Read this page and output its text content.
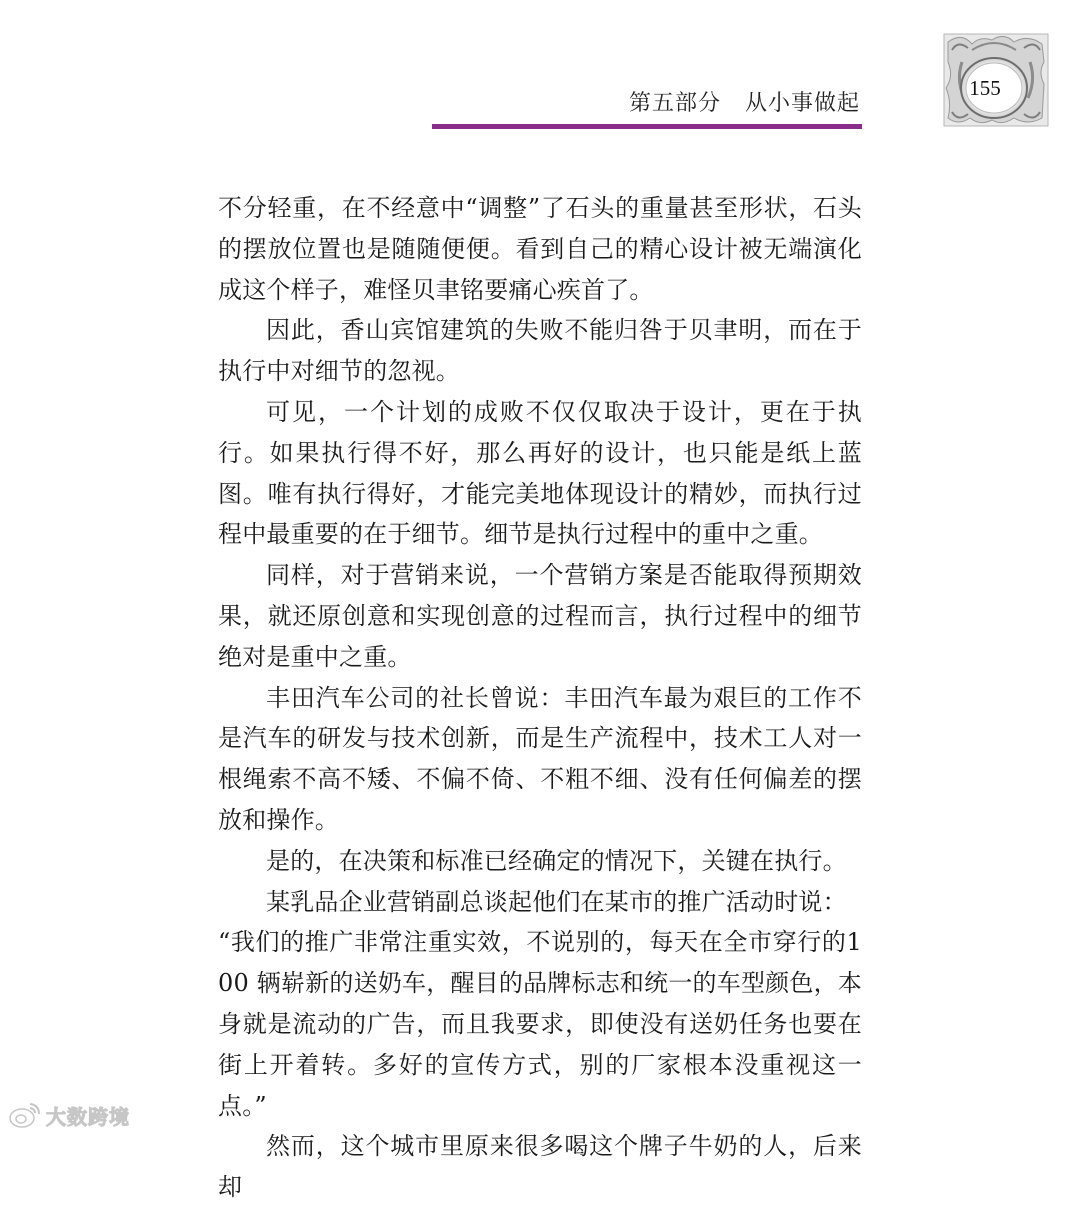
第五部分 从小事做起
155

不分轻重，在不经意中“调整”了石头的重量甚至形状，石头的摆放位置也是随随便便。看到自己的精心设计被无端演化成这个样子，难怪贝聿铭要痛心疾首了。

因此，香山宾馆建筑的失败不能归咎于贝聿明，而在于执行中对细节的忽视。

可见，一个计划的成败不仅仅取决于设计，更在于执行。如果执行得不好，那么再好的设计，也只能是纸上蓝图。唯有执行得好，才能完美地体现设计的精妙，而执行过程中最重要的在于细节。细节是执行过程中的重中之重。

同样，对于营销来说，一个营销方案是否能取得预期效果，就还原创意和实现创意的过程而言，执行过程中的细节绝对是重中之重。

丰田汽车公司的社长曾说：丰田汽车最为艰巨的工作不是汽车的研发与技术创新，而是生产流程中，技术工人对一根绳索不高不矮、不偏不倚、不粗不细、没有任何偏差的摆放和操作。

是的，在决策和标准已经确定的情况下，关键在执行。

某乳品企业营销副总谈起他们在某市的推广活动时说：

“我们的推广非常注重实效，不说别的，每天在全市穿行的100 辆崭新的送奶车，醒目的品牌标志和统一的车型颜色，本身就是流动的广告，而且我要求，即使没有送奶任务也要在街上开着转。多好的宣传方式，别的厂家根本没重视这一点。”

然而，这个城市里原来很多喝这个牌子牛奶的人，后来却

大数跨境
